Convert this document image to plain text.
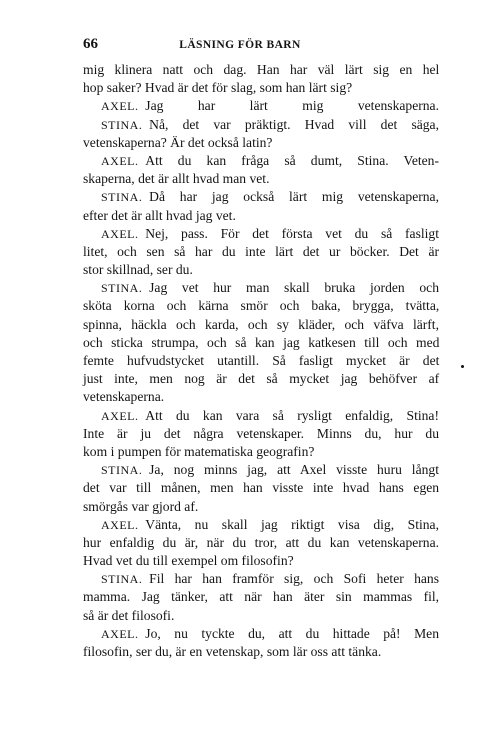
66	LÄSNING FÖR BARN
mig klinera natt och dag. Han har väl lärt sig en hel
hop saker? Hvad är det för slag, som han lärt sig?
AXEL.  Jag har lärt mig vetenskaperna.
STINA.  Nå, det var präktigt. Hvad vill det säga,
vetenskaperna? Är det också latin?
AXEL.  Att du kan fråga så dumt, Stina. Veten-
skaperna, det är allt hvad man vet.
STINA.  Då har jag också lärt mig vetenskaperna,
efter det är allt hvad jag vet.
AXEL.  Nej, pass. För det första vet du så fasligt
litet, och sen så har du inte lärt det ur böcker. Det är
stor skillnad, ser du.
STINA.  Jag vet hur man skall bruka jorden och
sköta korna och kärna smör och baka, brygga, tvätta,
spinna, häckla och karda, och sy kläder, och väfva lärft,
och sticka strumpa, och så kan jag katkesen till och med
femte hufvudstycket utantill. Så fasligt mycket är det
just inte, men nog är det så mycket jag behöfver af
vetenskaperna.
AXEL.  Att du kan vara så rysligt enfaldig, Stina!
Inte är ju det några vetenskaper. Minns du, hur du
kom i pumpen för matematiska geografin?
STINA.  Ja, nog minns jag, att Axel visste huru långt
det var till månen, men han visste inte hvad hans egen
smörgås var gjord af.
AXEL.  Vänta, nu skall jag riktigt visa dig, Stina,
hur enfaldig du är, när du tror, att du kan vetenskaperna.
Hvad vet du till exempel om filosofin?
STINA.  Fil har han framför sig, och Sofi heter hans
mamma. Jag tänker, att när han äter sin mammas fil,
så är det filosofi.
AXEL.  Jo, nu tyckte du, att du hittade på! Men
filosofin, ser du, är en vetenskap, som lär oss att tänka.
